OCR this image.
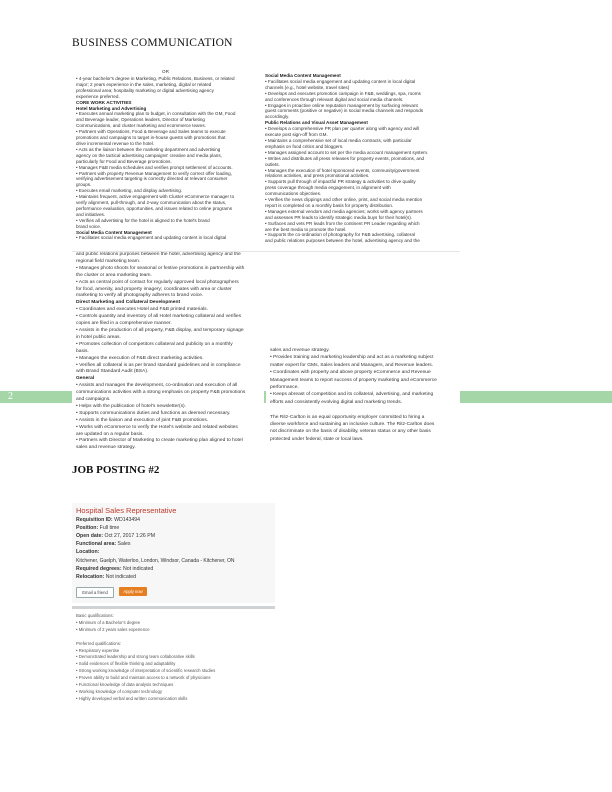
BUSINESS COMMUNICATION
OR
• 4-year bachelor's degree in Marketing, Public Relations, Business, or related
major; 2 years experience in the sales, marketing, digital or related
professional area; hospitality marketing or digital advertising agency
experience preferred.
CORE WORK ACTIVITIES
Hotel Marketing and Advertising
• Executes annual marketing plan to budget, in consultation with the GM, Food
and Beverage leader, Operations leaders, Director of Marketing
Communications, and cluster marketing and ecommerce teams.
• Partners with Operations, Food & Beverage and Sales teams to execute
promotions and campaigns to target in-house guests with promotions that
drive incremental revenue to the hotel.
• Acts as the liaison between the marketing department and advertising
agency on the tactical advertising campaigns' creative and media plans,
particularly for Food and Beverage promotions.
• Manages F&B media schedules and verifies prompt settlement of accounts.
• Partners with property Revenue Management to verify correct offer loading,
verifying advertisement targeting is correctly directed at relevant consumer
groups.
• Executes email marketing, and display advertising.
• Maintains frequent, active engagement with Cluster eCommerce manager to
verify alignment, pull-through, and 2-way communication about the status,
performance evaluation, opportunities, and issues related to online programs
and initiatives.
• Verifies all advertising for the hotel is aligned to the hotel's brand
brand voice.
Social Media Content Management
• Facilitates social media engagement and updating content in local digital
Social Media Content Management
• Facilitates social media engagement and updating content in local digital
channels (e.g., hotel website, travel sites)
• Develops and executes promotion campaign in F&B, weddings, spa, rooms
and conferences through relevant digital and social media channels.
• Engages in proactive online reputation management by surfacing relevant
guest comments (positive or negative) in social media channels and responds
accordingly.
Public Relations and Visual Asset Management
• Develops a comprehensive PR plan per quarter along with agency and will
execute post sign-off from GM.
• Maintains a comprehensive set of local media contracts, with particular
emphasis on food critics and bloggers.
• Manages assigned account to set per the media account management system.
• Writes and distributes all press releases for property events, promotions, and
outlets.
• Manages the execution of hotel sponsored events, community/government
relations activities, and press promotional activities.
• Supports pull through of impactful PR strategy & activities to drive quality
press coverage through media engagement, in alignment with
communications objectives.
• Verifies the news clippings and other online, print, and social media mention
report is completed on a monthly basis for property distribution.
• Manages external vendors and media agencies; works with agency partners
and assesses PR leads to identify strategic media buys for their hotel(s).
• Surfaces and vets PR leads from the continent PR Leader regarding which
are the best media to promote the hotel.
• Supports the co-ordination of photography for F&B advertising, collateral
and public relations purposes between the hotel, advertising agency and the
and public relations purposes between the hotel, advertising agency and the
regional field marketing team.
• Manages photo shoots for seasonal or festive promotions in partnership with
the cluster or area marketing team.
• Acts as central point of contact for regularly approved local photographers
for food, amenity, and property imagery; coordinates with area or cluster
marketing to verify all photography adheres to brand voice.
Direct Marketing and Collateral Development
• Coordinates and executes Hotel and F&B printed materials.
• Controls quantity and inventory of all Hotel marketing collateral and verifies
copies are filed in a comprehensive manner.
• Assists in the production of all property, F&B display, and temporary signage
in hotel public areas.
• Promotes collection of competitors collateral and publicity on a monthly
basis.
• Manages the execution of F&B direct marketing activities.
• Verifies all collateral is as per brand standard guidelines and in compliance
with Brand Standard Audit (BSA).
General
• Assists and manages the development, co-ordination and execution of all
communications activities with a strong emphasis on property F&B promotions
and campaigns.
• Helps with the publication of hotel's newsletter(s).
• Supports communications duties and functions as deemed necessary.
• Assists in the liaison and execution of joint F&B promotions.
• Works with eCommerce to verify the Hotel's website and related websites
are updated on a regular basis.
• Partners with Director of Marketing to create marketing plan aligned to hotel
sales and revenue strategy.
sales and revenue strategy.
• Provides training and marketing leadership and act as a marketing subject
matter expert for GMs, Sales leaders and Managers, and Revenue leaders.
• Coordinates with property and above property eCommerce and Revenue
Management teams to report success of property marketing and eCommerce
performance.
• Keeps abreast of competition and its collateral, advertising, and marketing
efforts and consistently evolving digital and marketing trends.

The Ritz-Carlton is an equal opportunity employer committed to hiring a
diverse workforce and sustaining an inclusive culture. The Ritz-Carlton does
not discriminate on the basis of disability, veteran status or any other basis
protected under federal, state or local laws.
2
JOB POSTING #2
Hospital Sales Representative
Requisition ID: WD143494
Position: Full time
Open date: Oct 27, 2017 1:26 PM
Functional area: Sales
Location:
Kitchener, Guelph, Waterloo, London, Windsor, Canada - Kitchener, ON
Required degrees: Not indicated
Relocation: Not indicated
Email a friend	Apply now
Basic qualifications:
• Minimum of a Bachelor's degree
• Minimum of 2 years sales experience

Preferred qualifications:
• Respiratory expertise
• Demonstrated leadership and strong team collaborative skills
• Solid evidences of flexible thinking and adaptability
• Strong working knowledge of interpretation of scientific research studies
• Proven ability to build and maintain access to a network of physicians
• Functional knowledge of data analysis techniques
• Working knowledge of computer technology
• Highly developed verbal and written communication skills
